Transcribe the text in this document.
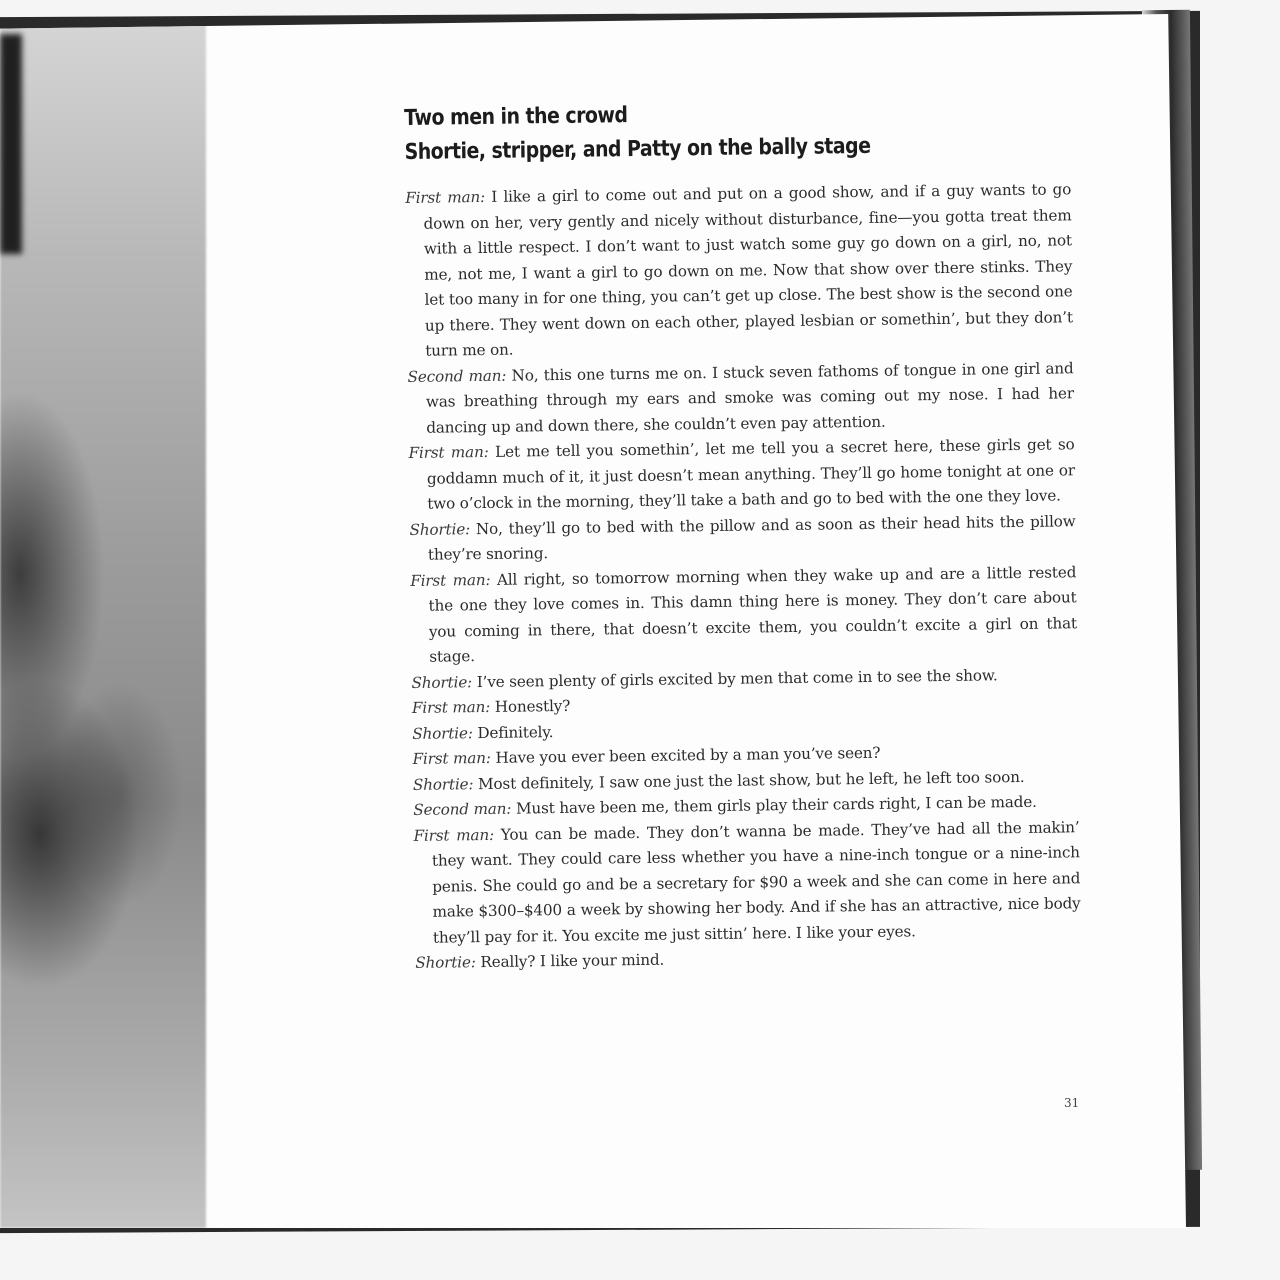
Two men in the crowd
Shortie, stripper, and Patty on the bally stage
First man: I like a girl to come out and put on a good show, and if a guy wants to go down on her, very gently and nicely without disturbance, fine—you gotta treat them with a little respect. I don’t want to just watch some guy go down on a girl, no, not me, not me, I want a girl to go down on me. Now that show over there stinks. They let too many in for one thing, you can’t get up close. The best show is the second one up there. They went down on each other, played lesbian or somethin’, but they don’t turn me on.
Second man: No, this one turns me on. I stuck seven fathoms of tongue in one girl and was breathing through my ears and smoke was coming out my nose. I had her dancing up and down there, she couldn’t even pay attention.
First man: Let me tell you somethin’, let me tell you a secret here, these girls get so goddamn much of it, it just doesn’t mean anything. They’ll go home tonight at one or two o’clock in the morning, they’ll take a bath and go to bed with the one they love.
Shortie: No, they’ll go to bed with the pillow and as soon as their head hits the pillow they’re snoring.
First man: All right, so tomorrow morning when they wake up and are a little rested the one they love comes in. This damn thing here is money. They don’t care about you coming in there, that doesn’t excite them, you couldn’t excite a girl on that stage.
Shortie: I’ve seen plenty of girls excited by men that come in to see the show.
First man: Honestly?
Shortie: Definitely.
First man: Have you ever been excited by a man you’ve seen?
Shortie: Most definitely, I saw one just the last show, but he left, he left too soon.
Second man: Must have been me, them girls play their cards right, I can be made.
First man: You can be made. They don’t wanna be made. They’ve had all the makin’ they want. They could care less whether you have a nine-inch tongue or a nine-inch penis. She could go and be a secretary for $90 a week and she can come in here and make $300–$400 a week by showing her body. And if she has an attractive, nice body they’ll pay for it. You excite me just sittin’ here. I like your eyes.
Shortie: Really? I like your mind.
31
